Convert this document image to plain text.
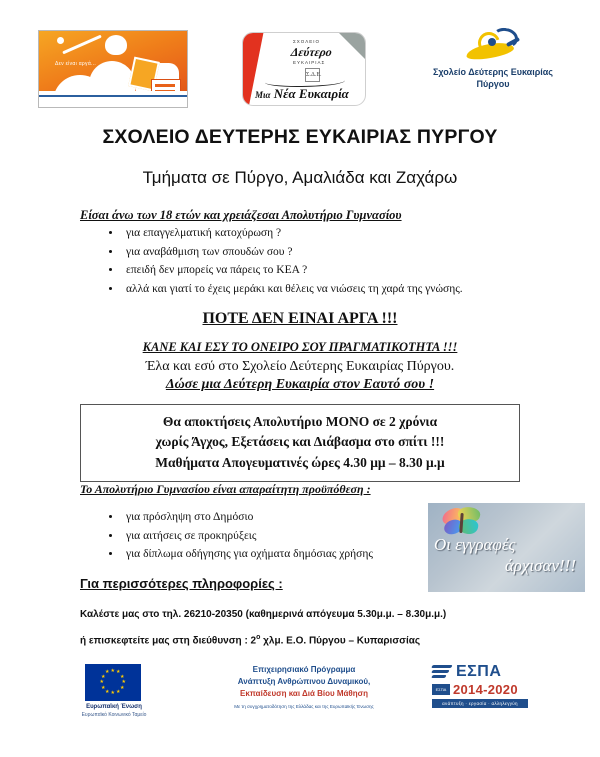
Δεν είναι αργά...
ΣΧΟΛΕΙΟ
Δεύτερο
ΕΥΚΑΙΡΙΑΣ
Σ.Δ.Ε.
Μια Νέα Ευκαιρία
Σχολείο Δεύτερης Ευκαιρίας
Πύργου
ΣΧΟΛΕΙΟ ΔΕΥΤΕΡΗΣ ΕΥΚΑΙΡΙΑΣ ΠΥΡΓΟΥ
Τμήματα σε Πύργο, Αμαλιάδα και Ζαχάρω
Είσαι άνω των 18 ετών και χρειάζεσαι Απολυτήριο Γυμνασίου
• για επαγγελματική κατοχύρωση ?
• για αναβάθμιση των σπουδών σου ?
• επειδή δεν μπορείς να πάρεις το ΚΕΑ ?
• αλλά και γιατί το έχεις μεράκι και θέλεις να νιώσεις τη χαρά της γνώσης.
ΠΟΤΕ ΔΕΝ ΕΙΝΑΙ ΑΡΓΑ !!!
ΚΑΝΕ ΚΑΙ ΕΣΥ ΤΟ ΟΝΕΙΡΟ ΣΟΥ ΠΡΑΓΜΑΤΙΚΟΤΗΤΑ !!!
Έλα και εσύ στο Σχολείο Δεύτερης Ευκαιρίας Πύργου.
Δώσε μια Δεύτερη Ευκαιρία στον Εαυτό σου !
Θα αποκτήσεις Απολυτήριο ΜΟΝΟ σε 2 χρόνια
χωρίς Άγχος, Εξετάσεις και Διάβασμα στο σπίτι !!!
Μαθήματα Απογευματινές ώρες 4.30 μμ – 8.30 μ.μ
Το Απολυτήριο Γυμνασίου είναι απαραίτητη προϋπόθεση :
• για πρόσληψη στο Δημόσιο
• για αιτήσεις σε προκηρύξεις
• για δίπλωμα οδήγησης για οχήματα δημόσιας χρήσης
Οι εγγραφές
άρχισαν!!!
Για περισσότερες πληροφορίες :
Καλέστε μας στο τηλ. 26210-20350 (καθημερινά απόγευμα 5.30μ.μ. – 8.30μ.μ.)
ή επισκεφτείτε μας στη διεύθυνση : $2^o$ χλμ. Ε.Ο. Πύργου – Κυπαρισσίας
★ ★
★
★
★
★
★
★
★
★
★
★
Ευρωπαϊκή Ένωση
Ευρωπαϊκό Κοινωνικό Ταμείο
Επιχειρησιακό Πρόγραμμα
Ανάπτυξη Ανθρώπινου Δυναμικού,
Εκπαίδευση και Διά Βίου Μάθηση
Με τη συγχρηματοδότηση της Ελλάδας και της Ευρωπαϊκής Ένωσης
ΕΣΠΑ
ΕΣΠΑ 2014-2020
ανάπτυξη · εργασία · αλληλεγγύη
